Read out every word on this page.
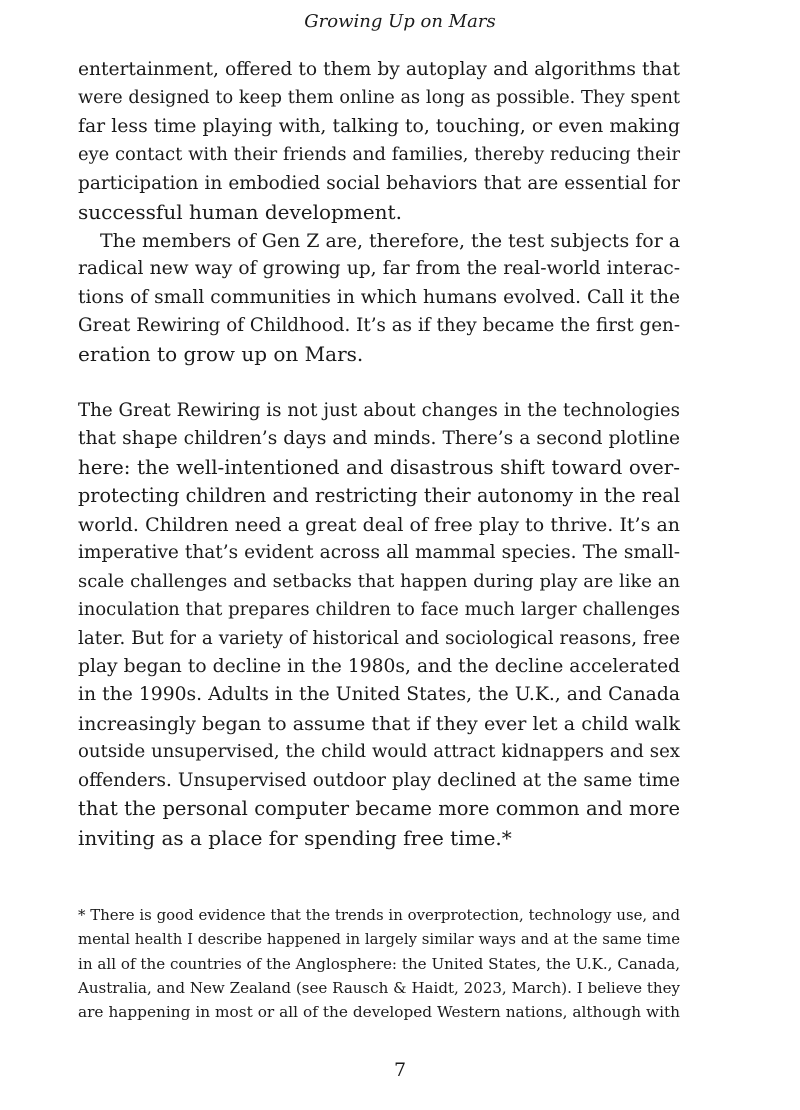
Growing Up on Mars
entertainment, offered to them by autoplay and algorithms that
were designed to keep them online as long as possible. They spent
far less time playing with, talking to, touching, or even making
eye contact with their friends and families, thereby reducing their
participation in embodied social behaviors that are essential for
successful human development.
The members of Gen Z are, therefore, the test subjects for a
radical new way of growing up, far from the real-world interac-
tions of small communities in which humans evolved. Call it the
Great Rewiring of Childhood. It’s as if they became the first gen-
eration to grow up on Mars.
The Great Rewiring is not just about changes in the technologies
that shape children’s days and minds. There’s a second plotline
here: the well-intentioned and disastrous shift toward over-
protecting children and restricting their autonomy in the real
world. Children need a great deal of free play to thrive. It’s an
imperative that’s evident across all mammal species. The small-
scale challenges and setbacks that happen during play are like an
inoculation that prepares children to face much larger challenges
later. But for a variety of historical and sociological reasons, free
play began to decline in the 1980s, and the decline accelerated
in the 1990s. Adults in the United States, the U.K., and Canada
increasingly began to assume that if they ever let a child walk
outside unsupervised, the child would attract kidnappers and sex
offenders. Unsupervised outdoor play declined at the same time
that the personal computer became more common and more
inviting as a place for spending free time.*
* There is good evidence that the trends in overprotection, technology use, and
mental health I describe happened in largely similar ways and at the same time
in all of the countries of the Anglosphere: the United States, the U.K., Canada,
Australia, and New Zealand (see Rausch & Haidt, 2023, March). I believe they
are happening in most or all of the developed Western nations, although with
7
